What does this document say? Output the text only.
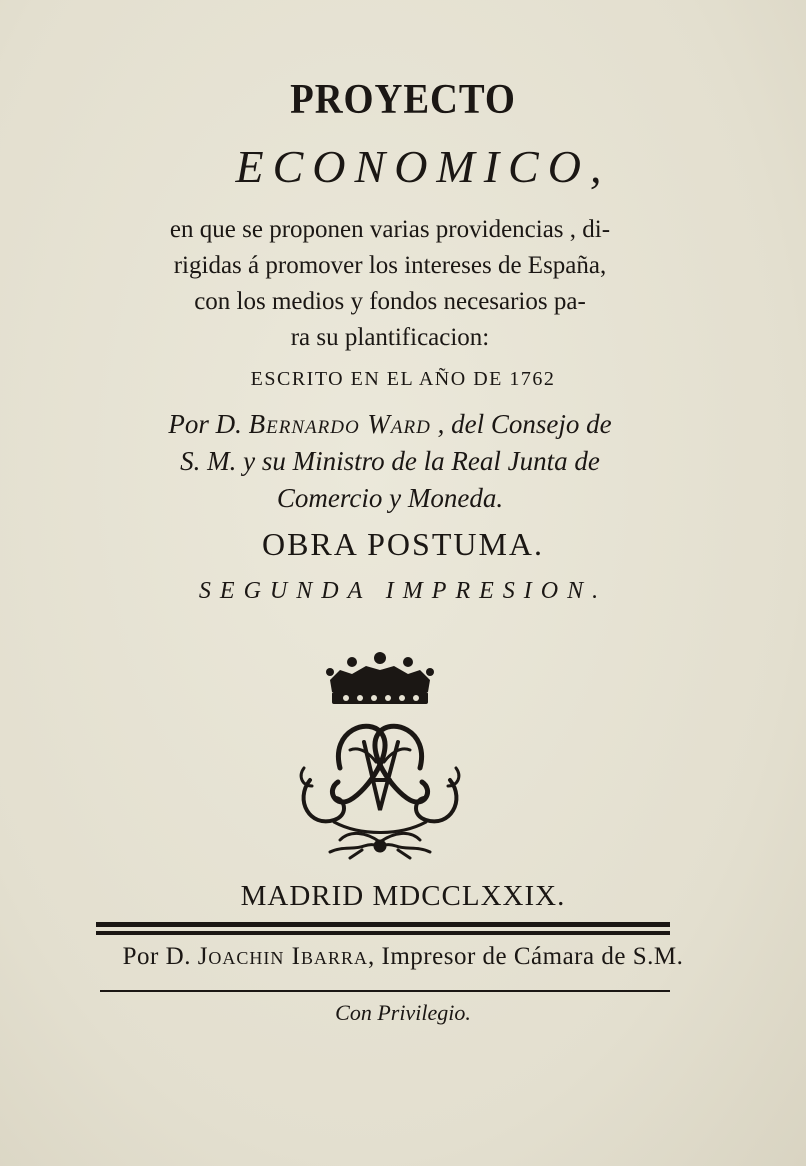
PROYECTO
ECONOMICO,
en que se proponen varias providencias , di-
rigidas á promover los intereses de España,
con los medios y fondos necesarios pa-
ra su plantificacion:
ESCRITO EN EL AÑO DE 1762
Por D. Bernardo Ward , del Consejo de
S. M. y su Ministro de la Real Junta de
Comercio y Moneda.
OBRA POSTUMA.
SEGUNDA IMPRESION.
MADRID MDCCLXXIX.
Por D. Joachin Ibarra, Impresor de Cámara de S.M.
Con Privilegio.
